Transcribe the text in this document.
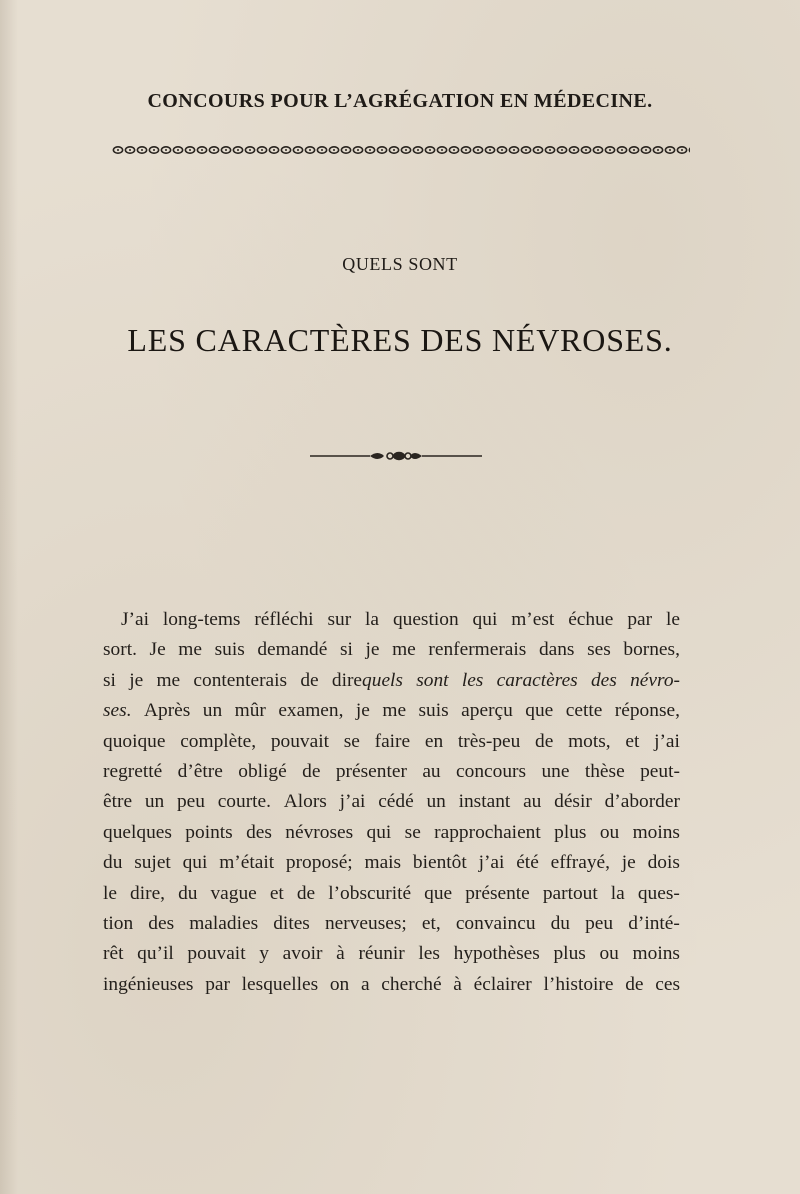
CONCOURS POUR L’AGRÉGATION EN MÉDECINE.
QUELS SONT
LES CARACTÈRES DES NÉVROSES.
J’ai long-tems réfléchi sur la question qui m’est échue par le
sort. Je me suis demandé si je me renfermerais dans ses bornes,
si je me contenterais de direquels sont les caractères des névro-
ses. Après un mûr examen, je me suis aperçu que cette réponse,
quoique complète, pouvait se faire en très-peu de mots, et j’ai
regretté d’être obligé de présenter au concours une thèse peut-
être un peu courte. Alors j’ai cédé un instant au désir d’aborder
quelques points des névroses qui se rapprochaient plus ou moins
du sujet qui m’était proposé; mais bientôt j’ai été effrayé, je dois
le dire, du vague et de l’obscurité que présente partout la ques-
tion des maladies dites nerveuses; et, convaincu du peu d’inté-
rêt qu’il pouvait y avoir à réunir les hypothèses plus ou moins
ingénieuses par lesquelles on a cherché à éclairer l’histoire de ces
